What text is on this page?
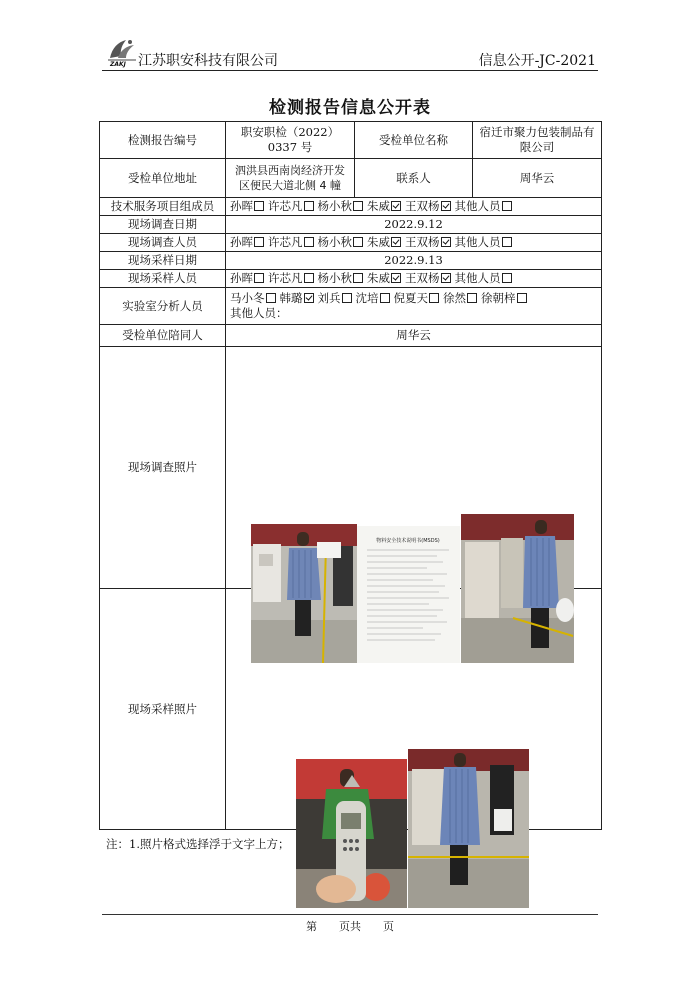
ZAKJ 江苏职安科技有限公司	信息公开-JC-2021
检测报告信息公开表
检测报告编号	职安职检（2022）0337 号	受检单位名称	宿迁市聚力包装制品有限公司
受检单位地址	泗洪县西南岗经济开发区便民大道北侧 4 幢	联系人	周华云
技术服务项目组成员	孙晖 许芯凡 杨小秋 朱威 王双杨 其他人员		
现场调查日期	2022.9.12		
现场调查人员	孙晖 许芯凡 杨小秋 朱威 王双杨 其他人员		
现场采样日期	2022.9.13		
现场采样人员	孙晖 许芯凡 杨小秋 朱威 王双杨 其他人员		
实验室分析人员	马小冬 韩璐 刘兵 沈培 倪夏天 徐然 徐朝梓
其他人员：		
受检单位陪同人	周华云		
现场调查照片	物料安全技术说明书(MSDS)		

现场采样照片	
注：1.照片格式选择浮于文字上方；
第　　页共　　页
